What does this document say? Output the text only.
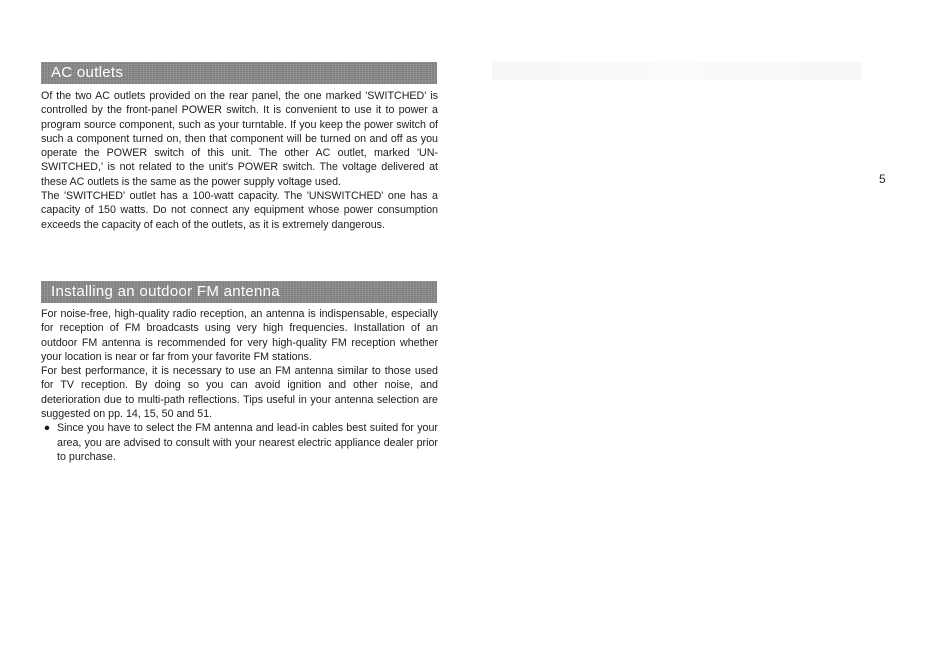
AC outlets

Of the two AC outlets provided on the rear panel, the one marked 'SWITCHED' is controlled by the front-panel POWER switch. It is convenient to use it to power a program source component, such as your turntable. If you keep the power switch of such a component turned on, then that component will be turned on and off as you operate the POWER switch of this unit. The other AC outlet, marked 'UN-SWITCHED,' is not related to the unit's POWER switch. The voltage delivered at these AC outlets is the same as the power supply voltage used.

The 'SWITCHED' outlet has a 100-watt capacity. The 'UNSWITCHED' one has a capacity of 150 watts. Do not connect any equipment whose power consumption exceeds the capacity of each of the outlets, as it is extremely dangerous.

Installing an outdoor FM antenna

For noise-free, high-quality radio reception, an antenna is indispensable, especially for reception of FM broadcasts using very high frequencies. Installation of an outdoor FM antenna is recommended for very high-quality FM reception whether your location is near or far from your favorite FM stations.

For best performance, it is necessary to use an FM antenna similar to those used for TV reception. By doing so you can avoid ignition and other noise, and deterioration due to multi-path reflections. Tips useful in your antenna selection are suggested on pp. 14, 15, 50 and 51.

● Since you have to select the FM antenna and lead-in cables best suited for your area, you are advised to consult with your nearest electric appliance dealer prior to purchase.

5
